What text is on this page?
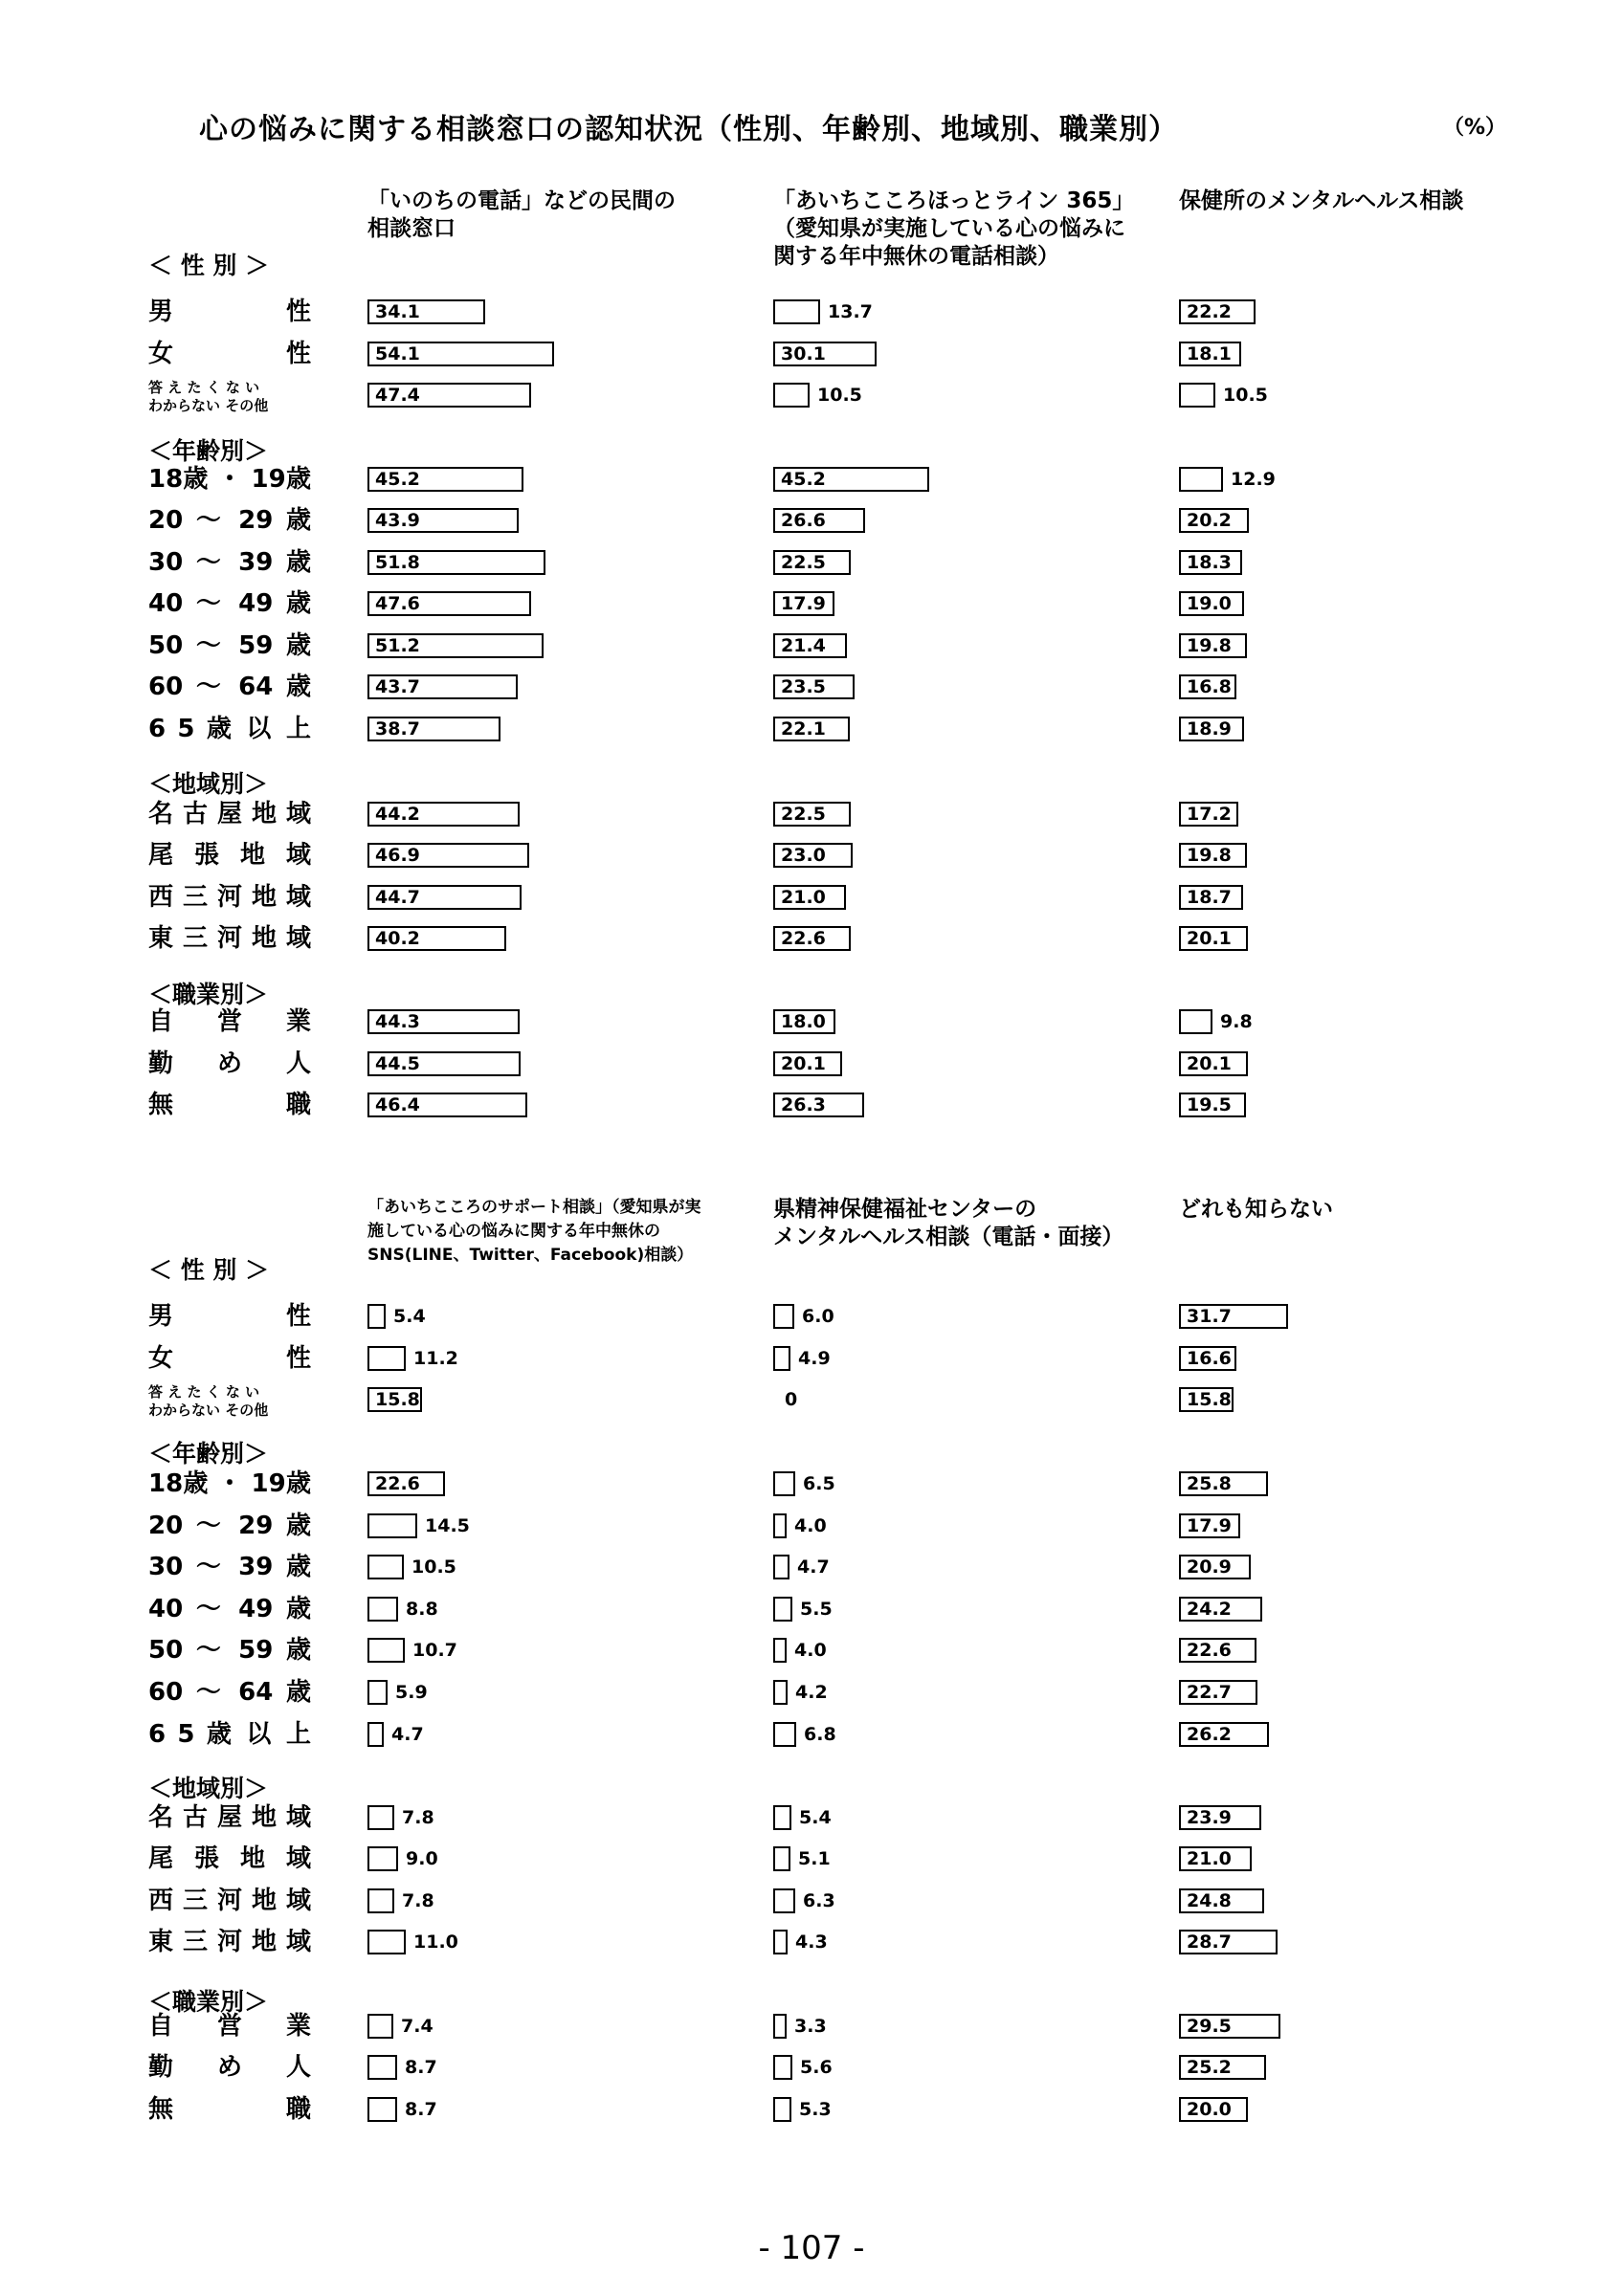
心の悩みに関する相談窓口の認知状況（性別、年齢別、地域別、職業別）	（%）
- 107 -
＜ 性 別 ＞
＜年齢別＞
＜地域別＞
＜職業別＞
男　性
女　性
答 え た く な い
わからない その他
18歳 ・ 19歳
20 ～ 29 歳
30 ～ 39 歳
40 ～ 49 歳
50 ～ 59 歳
60 ～ 64 歳
6 5 歳 以 上
名 古 屋 地 域
尾 張 地 域
西 三 河 地 域
東 三 河 地 域
自　営　業
勤　め　人
無　職
「いのちの電話」などの民間の
相談窓口
34.1
54.1
47.4
45.2
43.9
51.8
47.6
51.2
43.7
38.7
44.2
46.9
44.7
40.2
44.3
44.5
46.4
「あいちこころほっとライン 365」
（愛知県が実施している心の悩みに
関する年中無休の電話相談）
13.7
30.1
10.5
45.2
26.6
22.5
17.9
21.4
23.5
22.1
22.5
23.0
21.0
22.6
18.0
20.1
26.3
保健所のメンタルヘルス相談
22.2
18.1
10.5
12.9
20.2
18.3
19.0
19.8
16.8
18.9
17.2
19.8
18.7
20.1
9.8
20.1
19.5
＜ 性 別 ＞
＜年齢別＞
＜地域別＞
＜職業別＞
男　性
女　性
答 え た く な い
わからない その他
18歳 ・ 19歳
20 ～ 29 歳
30 ～ 39 歳
40 ～ 49 歳
50 ～ 59 歳
60 ～ 64 歳
6 5 歳 以 上
名 古 屋 地 域
尾 張 地 域
西 三 河 地 域
東 三 河 地 域
自　営　業
勤　め　人
無　職
「あいちこころのサポート相談」（愛知県が実
施している心の悩みに関する年中無休の
SNS(LINE、Twitter、Facebook)相談）
5.4
11.2
15.8
22.6
14.5
10.5
8.8
10.7
5.9
4.7
7.8
9.0
7.8
11.0
7.4
8.7
8.7
県精神保健福祉センターの
メンタルヘルス相談（電話・面接）
6.0
4.9
0
6.5
4.0
4.7
5.5
4.0
4.2
6.8
5.4
5.1
6.3
4.3
3.3
5.6
5.3
どれも知らない
31.7
16.6
15.8
25.8
17.9
20.9
24.2
22.6
22.7
26.2
23.9
21.0
24.8
28.7
29.5
25.2
20.0
